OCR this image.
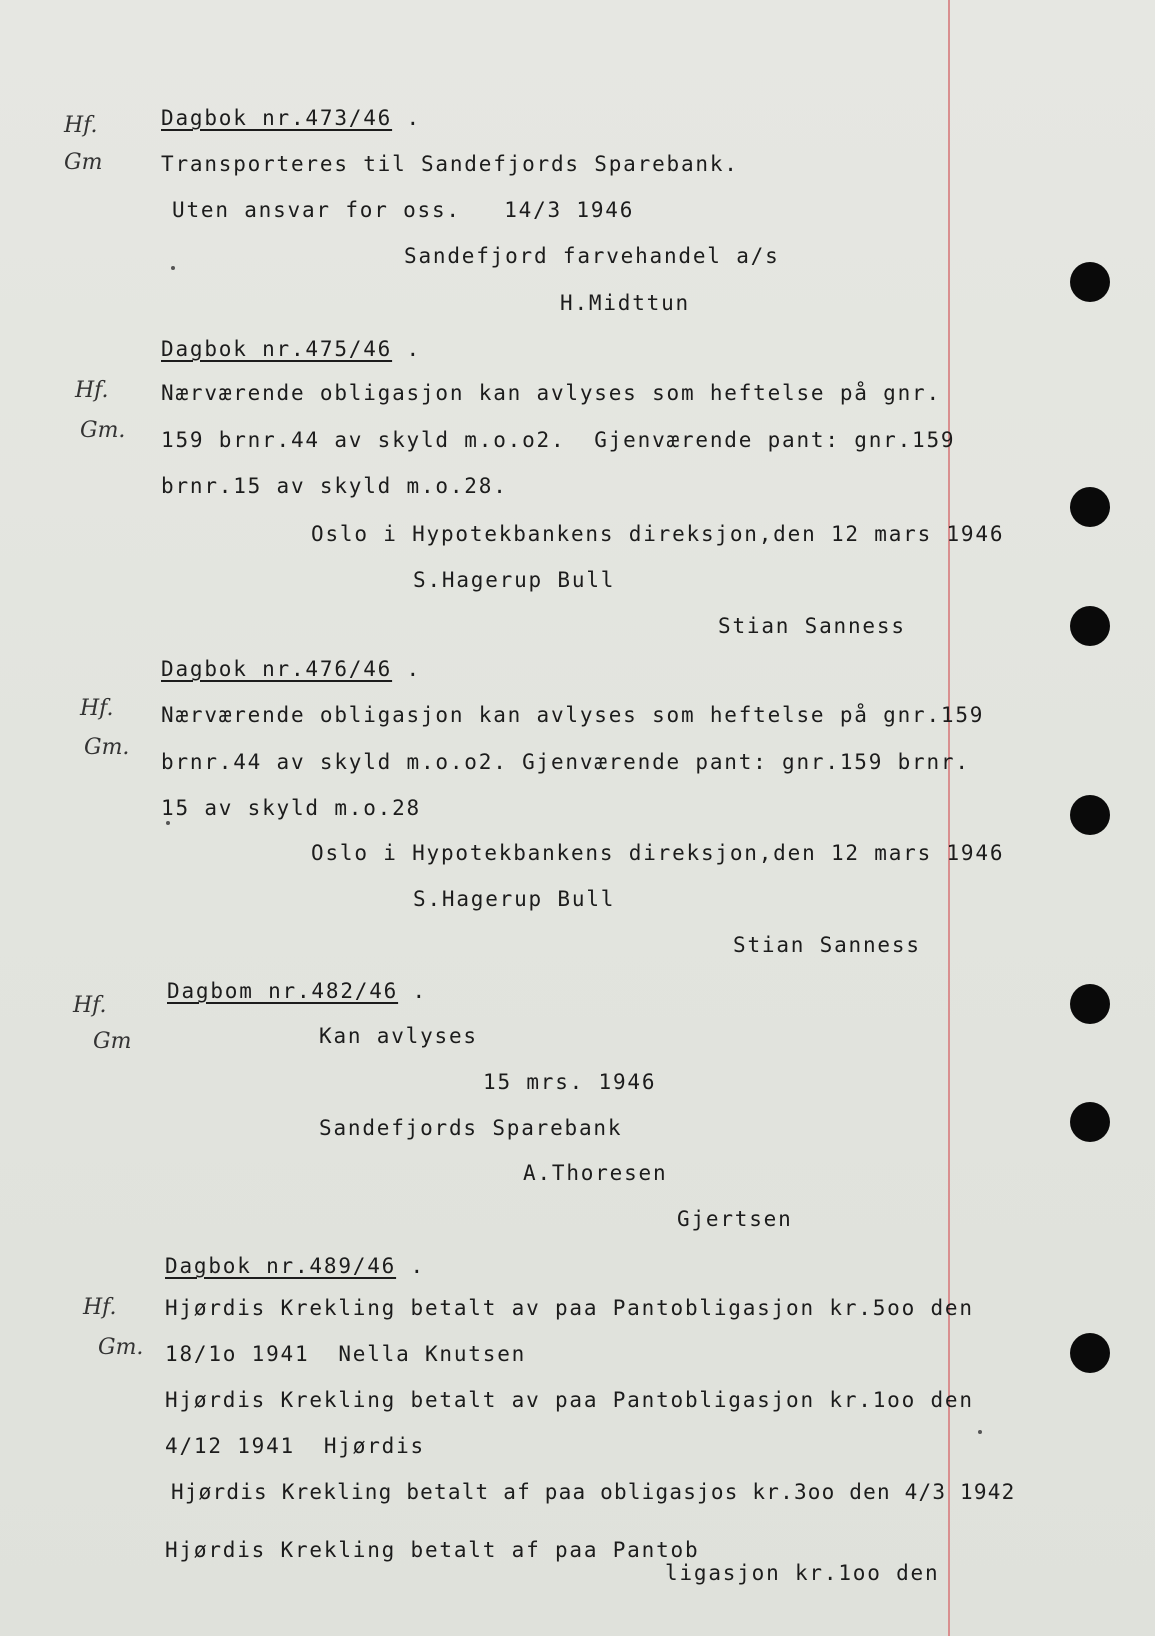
Hf.
Gm
Dagbok nr.473/46 .
Transporteres til Sandefjords Sparebank.
Uten ansvar for oss.   14/3 1946
Sandefjord farvehandel a/s
H.Midttun
Hf.
Gm.
Dagbok nr.475/46 .
Nærværende obligasjon kan avlyses som heftelse på gnr.
159 brnr.44 av skyld m.o.o2.  Gjenværende pant: gnr.159
brnr.15 av skyld m.o.28.
Oslo i Hypotekbankens direksjon,den 12 mars 1946
S.Hagerup Bull
Stian Sanness
Hf.
Gm.
Dagbok nr.476/46 .
Nærværende obligasjon kan avlyses som heftelse på gnr.159
brnr.44 av skyld m.o.o2. Gjenværende pant: gnr.159 brnr.
15 av skyld m.o.28
Oslo i Hypotekbankens direksjon,den 12 mars 1946
S.Hagerup Bull
Stian Sanness
Hf.
Gm
Dagbom nr.482/46 .
Kan avlyses
15 mrs. 1946
Sandefjords Sparebank
A.Thoresen
Gjertsen
Hf.
Gm.
Dagbok nr.489/46 .
Hjørdis Krekling betalt av paa Pantobligasjon kr.5oo den
18/1o 1941  Nella Knutsen
Hjørdis Krekling betalt av paa Pantobligasjon kr.1oo den
4/12 1941  Hjørdis
Hjørdis Krekling betalt af paa obligasjos kr.3oo den 4/3 1942
Hjørdis Krekling betalt af paa Pantob
ligasjon kr.1oo den
